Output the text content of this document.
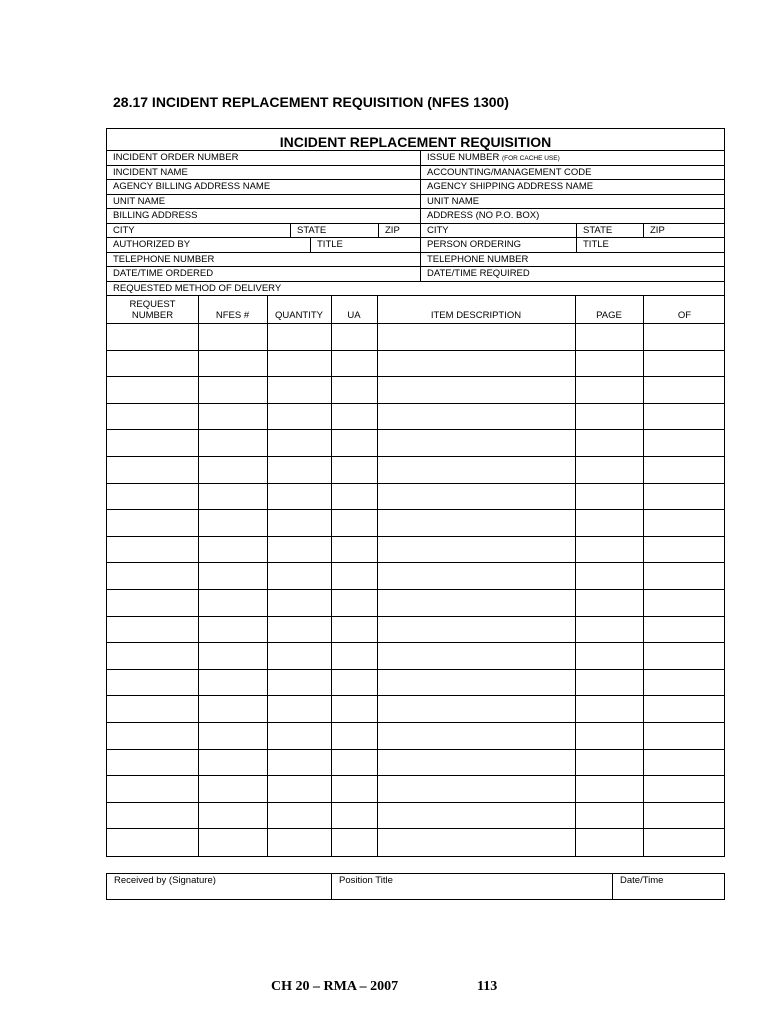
28.17 INCIDENT REPLACEMENT REQUISITION (NFES 1300)
INCIDENT REPLACEMENT REQUISITION
INCIDENT ORDER NUMBER	ISSUE NUMBER (FOR CACHE USE)
INCIDENT NAME	ACCOUNTING/MANAGEMENT CODE
AGENCY BILLING ADDRESS NAME	AGENCY SHIPPING ADDRESS NAME
UNIT NAME	UNIT NAME
BILLING ADDRESS	ADDRESS (NO P.O. BOX)
CITY	STATE	ZIP	CITY	STATE	ZIP
AUTHORIZED BY	TITLE	PERSON ORDERING	TITLE
TELEPHONE NUMBER	TELEPHONE NUMBER
DATE/TIME ORDERED	DATE/TIME REQUIRED
REQUESTED METHOD OF DELIVERY
REQUEST
NUMBER	NFES #	QUANTITY	UA	ITEM DESCRIPTION	PAGE	OF
Received by (Signature)	Position Title	Date/Time
CH 20 – RMA – 2007	113
